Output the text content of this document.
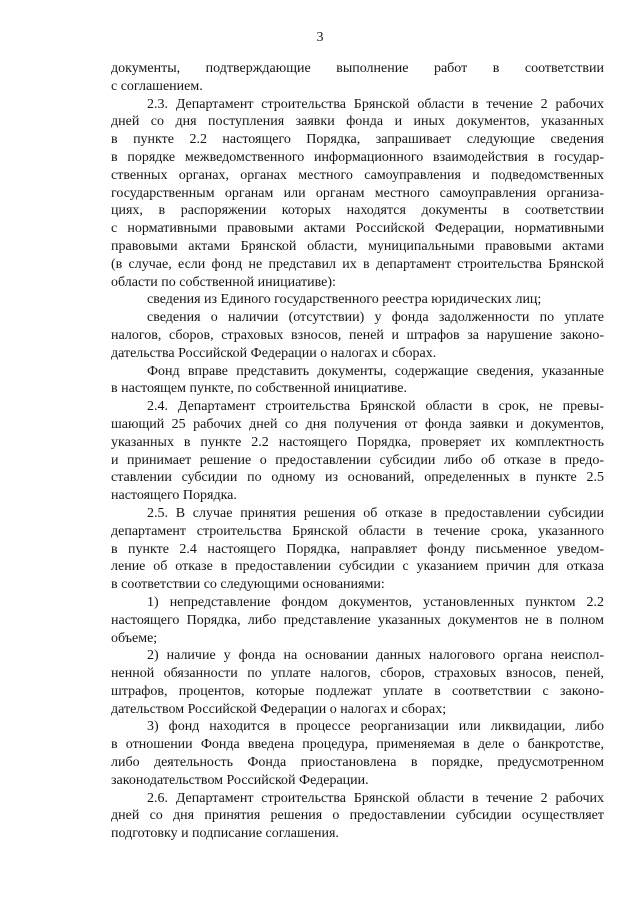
3
документы, подтверждающие выполнение работ в соответствии
с соглашением.
2.3. Департамент строительства Брянской области в течение 2 рабочих
дней со дня поступления заявки фонда и иных документов, указанных
в пункте 2.2 настоящего Порядка, запрашивает следующие сведения
в порядке межведомственного информационного взаимодействия в государ-
ственных органах, органах местного самоуправления и подведомственных
государственным органам или органам местного самоуправления организа-
циях, в распоряжении которых находятся документы в соответствии
с нормативными правовыми актами Российской Федерации, нормативными
правовыми актами Брянской области, муниципальными правовыми актами
(в случае, если фонд не представил их в департамент строительства Брянской
области по собственной инициативе):
сведения из Единого государственного реестра юридических лиц;
сведения о наличии (отсутствии) у фонда задолженности по уплате
налогов, сборов, страховых взносов, пеней и штрафов за нарушение законо-
дательства Российской Федерации о налогах и сборах.
Фонд вправе представить документы, содержащие сведения, указанные
в настоящем пункте, по собственной инициативе.
2.4. Департамент строительства Брянской области в срок, не превы-
шающий 25 рабочих дней со дня получения от фонда заявки и документов,
указанных в пункте 2.2 настоящего Порядка, проверяет их комплектность
и принимает решение о предоставлении субсидии либо об отказе в предо-
ставлении субсидии по одному из оснований, определенных в пункте 2.5
настоящего Порядка.
2.5. В случае принятия решения об отказе в предоставлении субсидии
департамент строительства Брянской области в течение срока, указанного
в пункте 2.4 настоящего Порядка, направляет фонду письменное уведом-
ление об отказе в предоставлении субсидии с указанием причин для отказа
в соответствии со следующими основаниями:
1) непредставление фондом документов, установленных пунктом 2.2
настоящего Порядка, либо представление указанных документов не в полном
объеме;
2) наличие у фонда на основании данных налогового органа неиспол-
ненной обязанности по уплате налогов, сборов, страховых взносов, пеней,
штрафов, процентов, которые подлежат уплате в соответствии с законо-
дательством Российской Федерации о налогах и сборах;
3) фонд находится в процессе реорганизации или ликвидации, либо
в отношении Фонда введена процедура, применяемая в деле о банкротстве,
либо деятельность Фонда приостановлена в порядке, предусмотренном
законодательством Российской Федерации.
2.6. Департамент строительства Брянской области в течение 2 рабочих
дней со дня принятия решения о предоставлении субсидии осуществляет
подготовку и подписание соглашения.
